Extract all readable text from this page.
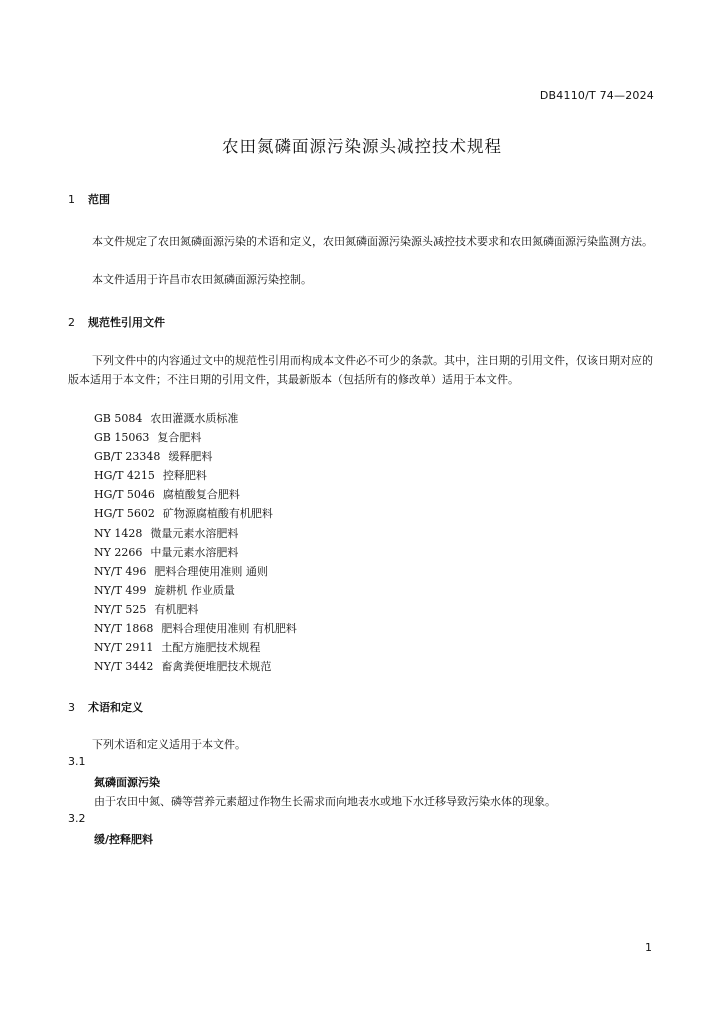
DB4110/T 74—2024
农田氮磷面源污染源头减控技术规程
1 范围

本文件规定了农田氮磷面源污染的术语和定义，农田氮磷面源污染源头减控技术要求和农田氮磷面源污染监测方法。

本文件适用于许昌市农田氮磷面源污染控制。

2 规范性引用文件

下列文件中的内容通过文中的规范性引用而构成本文件必不可少的条款。其中，注日期的引用文件，仅该日期对应的版本适用于本文件；不注日期的引用文件，其最新版本（包括所有的修改单）适用于本文件。

GB 5084 农田灌溉水质标准
GB 15063 复合肥料
GB/T 23348 缓释肥料
HG/T 4215 控释肥料
HG/T 5046 腐植酸复合肥料
HG/T 5602 矿物源腐植酸有机肥料
NY 1428 微量元素水溶肥料
NY 2266 中量元素水溶肥料
NY/T 496 肥料合理使用准则 通则
NY/T 499 旋耕机 作业质量
NY/T 525 有机肥料
NY/T 1868 肥料合理使用准则 有机肥料
NY/T 2911 土配方施肥技术规程
NY/T 3442 畜禽粪便堆肥技术规范
3 术语和定义

下列术语和定义适用于本文件。

3.1
氮磷面源污染
由于农田中氮、磷等营养元素超过作物生长需求而向地表水或地下水迁移导致污染水体的现象。
3.2
缓/控释肥料
1
